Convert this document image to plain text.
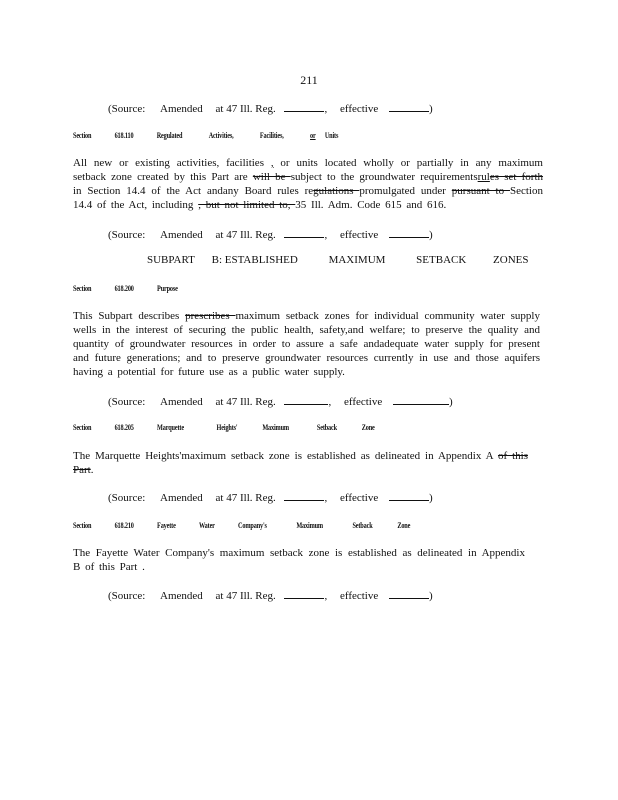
211
(Source: Amended at 47 Ill. Reg.	, effective	)
Section	618.110	Regulated	Activities,	Facilities,	or Units
All new or existing activities, facilities , or units located wholly or partially in any maximum setback zone created by this Part are will be subject to the groundwater requirementsrules set forth in Section 14.4 of the Act andany Board rules regulations promulgated under pursuant to Section 14.4 of the Act, including , but not limited to, 35 Ill. Adm. Code 615 and 616.
(Source: Amended at 47 Ill. Reg.	, effective	)
SUBPART B: ESTABLISHED	MAXIMUM	SETBACK ZONES
Section	618.200	Purpose
This Subpart describes prescribes maximum setback zones for individual community water supply wells in the interest of securing the public health, safety,and welfare; to preserve the quality and quantity of groundwater resources in order to assure a safe andadequate water supply for present and future generations; and to preserve groundwater resources currently in use and those aquifers having a potential for future use as a public water supply.
(Source: Amended at 47 Ill. Reg.	, effective	)
Section	618.205	Marquette	Heights'	Maximum	Setback	Zone
The Marquette Heights'maximum setback zone is established as delineated in Appendix A of this Part.
(Source: Amended at 47 Ill. Reg.	, effective	)
Section	618.210	Fayette	Water	Company's	Maximum	Setback	Zone
The Fayette Water Company's maximum setback zone is established as delineated in Appendix B of this Part .
(Source: Amended at 47 Ill. Reg.	, effective	)
